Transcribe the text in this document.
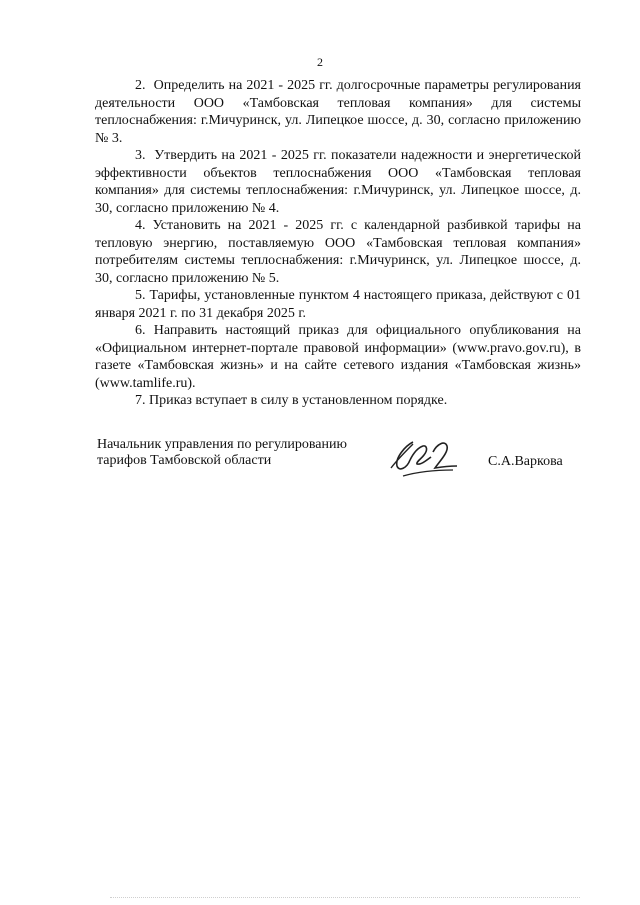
2

2.  Определить на 2021 - 2025 гг. долгосрочные параметры регулирования деятельности ООО «Тамбовская тепловая компания» для системы теплоснабжения: г.Мичуринск, ул. Липецкое шоссе, д. 30, согласно приложению № 3.

3.  Утвердить на 2021 - 2025 гг. показатели надежности и энергетической эффективности объектов теплоснабжения ООО «Тамбовская тепловая компания» для системы теплоснабжения: г.Мичуринск, ул. Липецкое шоссе, д. 30, согласно приложению № 4.

4. Установить на 2021 - 2025 гг. с календарной разбивкой тарифы на тепловую энергию, поставляемую ООО «Тамбовская тепловая компания» потребителям системы теплоснабжения: г.Мичуринск, ул. Липецкое шоссе, д. 30, согласно приложению № 5.

5. Тарифы, установленные пунктом 4 настоящего приказа, действуют с 01 января 2021 г. по 31 декабря 2025 г.

6. Направить настоящий приказ для официального опубликования на «Официальном интернет-портале правовой информации» (www.pravo.gov.ru), в газете «Тамбовская жизнь» и на сайте сетевого издания «Тамбовская жизнь» (www.tamlife.ru).

7. Приказ вступает в силу в установленном порядке.

Начальник управления по регулированию
тарифов Тамбовской области	С.А.Варкова
